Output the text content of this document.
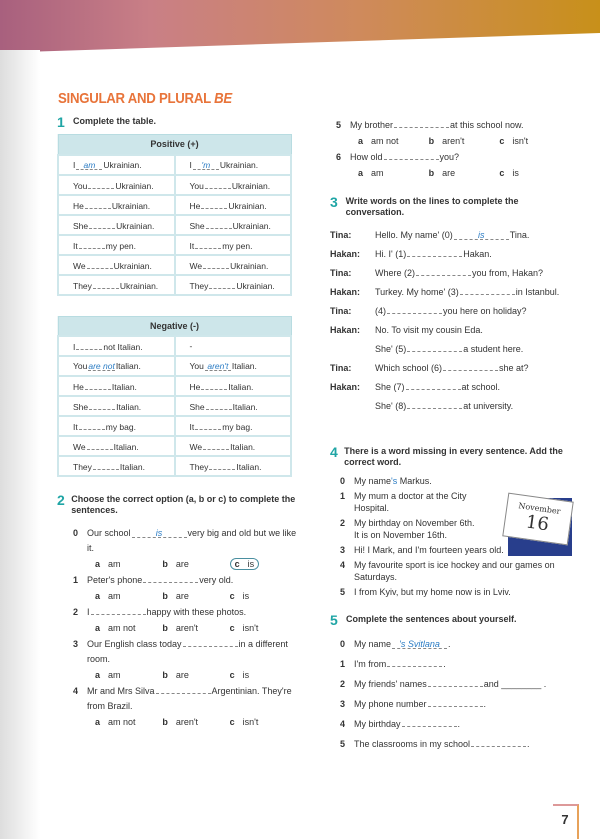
SINGULAR AND PLURAL BE
1 Complete the table.
Positive (+)	
I am Ukrainian.	I 'm Ukrainian.
You Ukrainian.	You Ukrainian.
He Ukrainian.	He Ukrainian.
She Ukrainian.	She Ukrainian.
It my pen.	It my pen.
We Ukrainian.	We Ukrainian.
They Ukrainian.	They Ukrainian.
Negative (-)	
I not Italian.	-
Youare notItalian.	You aren't Italian.
He Italian.	He Italian.
She Italian.	She Italian.
It my bag.	It my bag.
We Italian.	We Italian.
They Italian.	They Italian.
2 Choose the correct option (a, b or c) to complete the sentences.
0 Our school	is	very big and old but we like it.
a am	b are	c is
1 Peter's phone	very old.
a am	b are	c is
2 I	happy with these photos.
a am not	b aren't	c isn't
3 Our English class today	in a different room.
a am	b are	c is
4 Mr and Mrs Silva	Argentinian. They're from Brazil.
a am not	b aren't	c isn't
5 My brother	at this school now.
a am not	b aren't	c isn't
6 How old	you?
a am	b are	c is
3 Write words on the lines to complete the conversation.
Tina:	Hello. My name' (0)	is	Tina.
Hakan:	Hi. I' (1)	Hakan.
Tina:	Where (2)	you from, Hakan?
Hakan:	Turkey. My home' (3)	in Istanbul.
Tina:	(4)	you here on holiday?
Hakan:	No. To visit my cousin Eda.
She' (5)	a student here.
Tina:	Which school (6)	she at?
Hakan:	She (7)	at school.
She' (8)	at university.
4 There is a word missing in every sentence. Add the correct word.
0 My name's Markus.
1 My mum a doctor at the City Hospital.
2 My birthday on November 6th. It is on November 16th.
3 Hi! I Mark, and I'm fourteen years old.
4 My favourite sport is ice hockey and our games on Saturdays.
5 I from Kyiv, but my home now is in Lviv.
November
16
5 Complete the sentences about yourself.
0 My name 's Svitlana .
1 I'm from	.
2 My friends' names	and ________ .
3 My phone number	.
4 My birthday	.
5 The classrooms in my school	.
7
